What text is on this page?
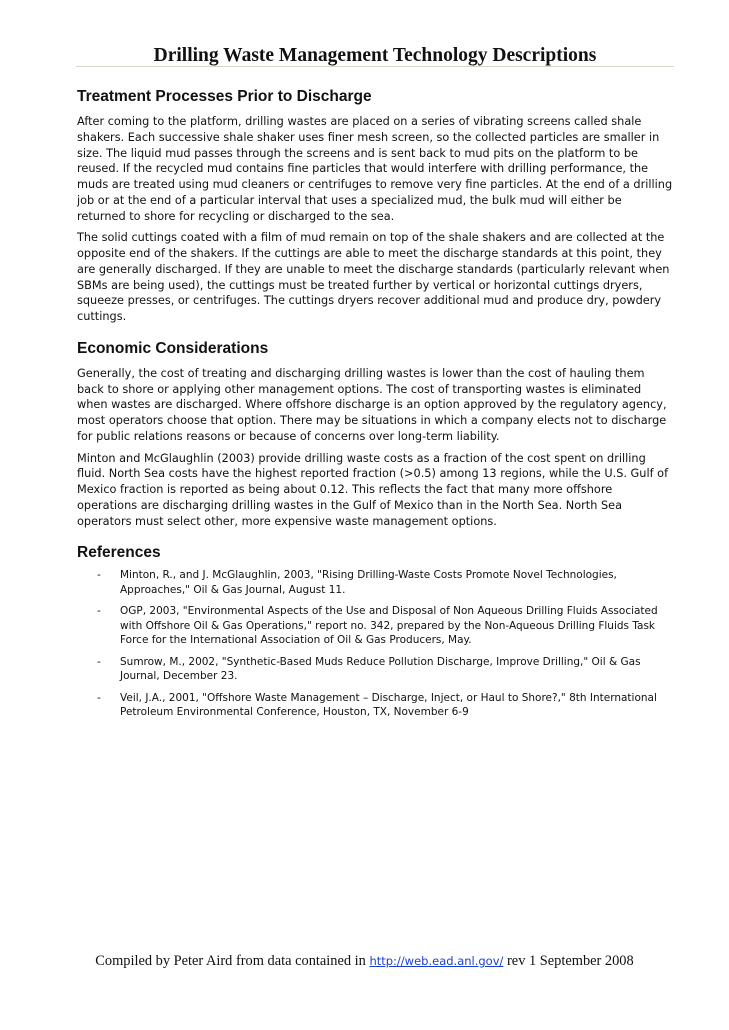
Drilling Waste Management Technology Descriptions
Treatment Processes Prior to Discharge

After coming to the platform, drilling wastes are placed on a series of vibrating screens called shale shakers. Each successive shale shaker uses finer mesh screen, so the collected particles are smaller in size. The liquid mud passes through the screens and is sent back to mud pits on the platform to be reused. If the recycled mud contains fine particles that would interfere with drilling performance, the muds are treated using mud cleaners or centrifuges to remove very fine particles. At the end of a drilling job or at the end of a particular interval that uses a specialized mud, the bulk mud will either be returned to shore for recycling or discharged to the sea.

The solid cuttings coated with a film of mud remain on top of the shale shakers and are collected at the opposite end of the shakers. If the cuttings are able to meet the discharge standards at this point, they are generally discharged. If they are unable to meet the discharge standards (particularly relevant when SBMs are being used), the cuttings must be treated further by vertical or horizontal cuttings dryers, squeeze presses, or centrifuges. The cuttings dryers recover additional mud and produce dry, powdery cuttings.

Economic Considerations

Generally, the cost of treating and discharging drilling wastes is lower than the cost of hauling them back to shore or applying other management options. The cost of transporting wastes is eliminated when wastes are discharged. Where offshore discharge is an option approved by the regulatory agency, most operators choose that option. There may be situations in which a company elects not to discharge for public relations reasons or because of concerns over long-term liability.

Minton and McGlaughlin (2003) provide drilling waste costs as a fraction of the cost spent on drilling fluid. North Sea costs have the highest reported fraction (>0.5) among 13 regions, while the U.S. Gulf of Mexico fraction is reported as being about 0.12. This reflects the fact that many more offshore operations are discharging drilling wastes in the Gulf of Mexico than in the North Sea. North Sea operators must select other, more expensive waste management options.

References
- Minton, R., and J. McGlaughlin, 2003, "Rising Drilling-Waste Costs Promote Novel Technologies, Approaches," Oil & Gas Journal, August 11.
- OGP, 2003, "Environmental Aspects of the Use and Disposal of Non Aqueous Drilling Fluids Associated with Offshore Oil & Gas Operations," report no. 342, prepared by the Non-Aqueous Drilling Fluids Task Force for the International Association of Oil & Gas Producers, May.
- Sumrow, M., 2002, "Synthetic-Based Muds Reduce Pollution Discharge, Improve Drilling," Oil & Gas Journal, December 23.
- Veil, J.A., 2001, "Offshore Waste Management – Discharge, Inject, or Haul to Shore?," 8th International Petroleum Environmental Conference, Houston, TX, November 6-9
Compiled by Peter Aird from data contained in http://web.ead.anl.gov/ rev 1 September 2008
